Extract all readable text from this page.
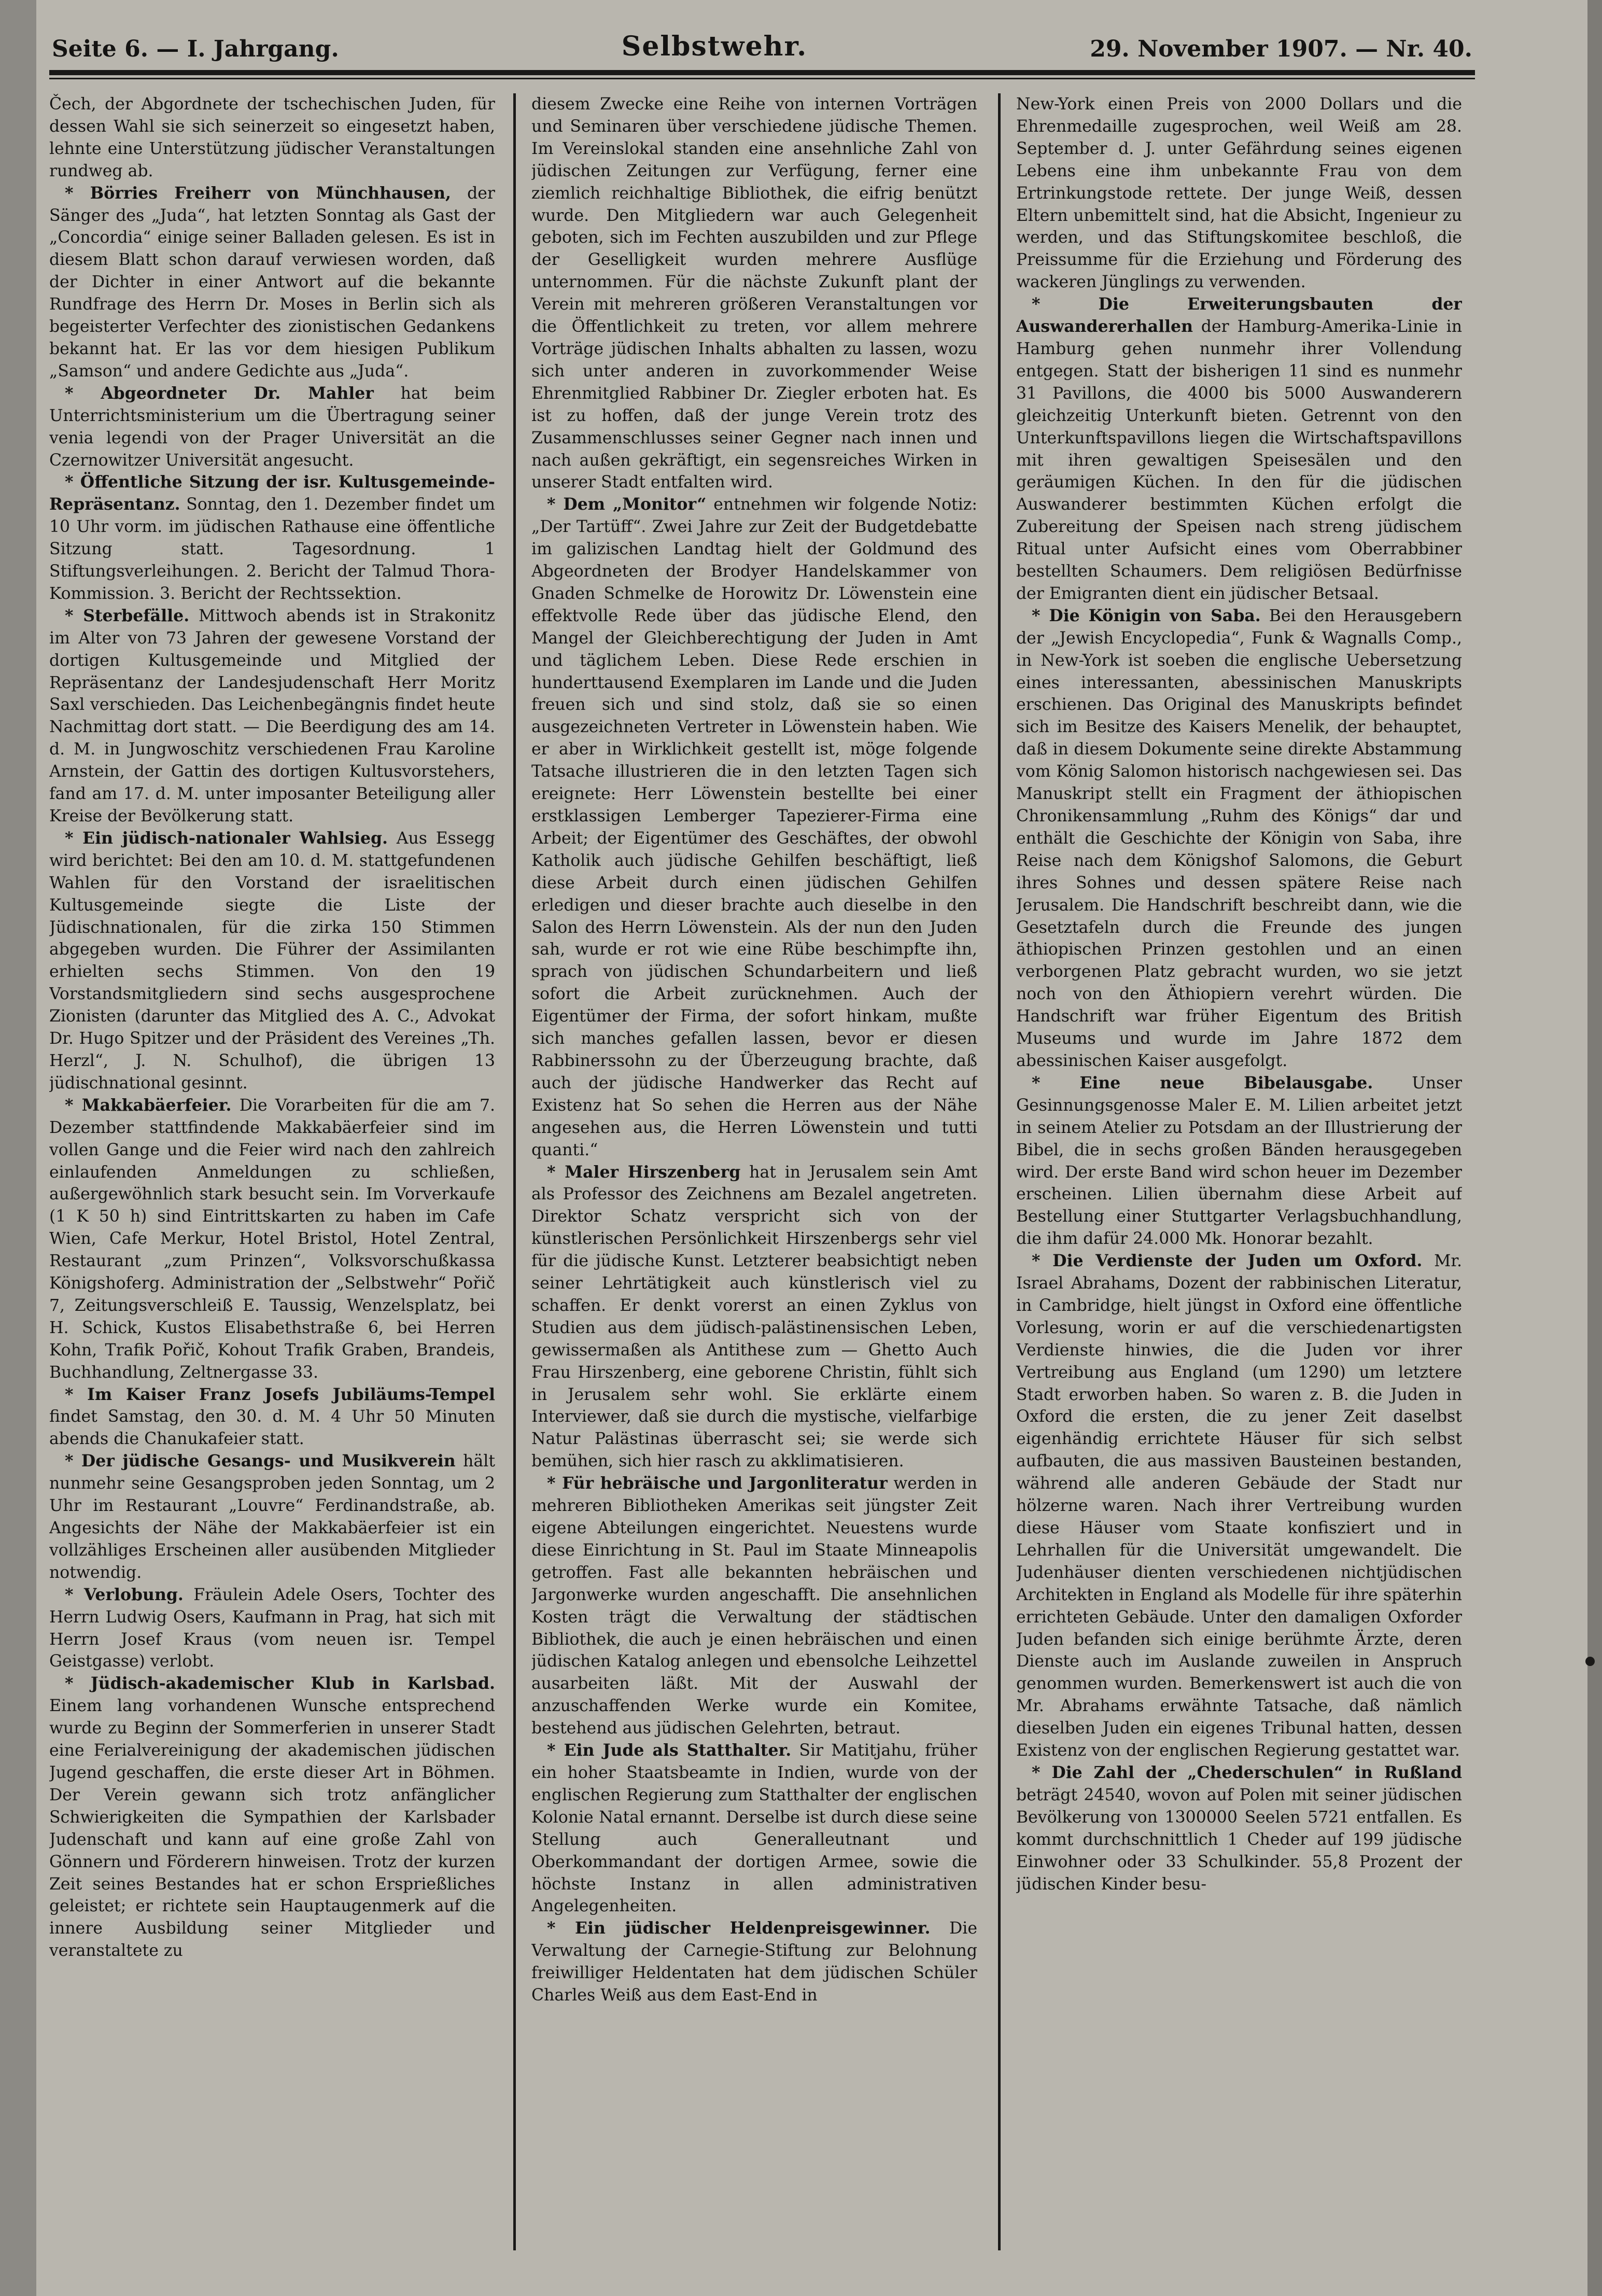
Seite 6. — I. Jahrgang.	Selbstwehr.	29. November 1907. — Nr. 40.

Čech, der Abgordnete der tschechischen Juden, für dessen Wahl sie sich seinerzeit so eingesetzt haben, lehnte eine Unterstützung jüdischer Veranstaltungen rundweg ab.

* Börries Freiherr von Münchhausen, der Sänger des „Juda“, hat letzten Sonntag als Gast der „Concordia“ einige seiner Balladen gelesen. Es ist in diesem Blatt schon darauf verwiesen worden, daß der Dichter in einer Antwort auf die bekannte Rundfrage des Herrn Dr. Moses in Berlin sich als begeisterter Verfechter des zionistischen Gedankens bekannt hat. Er las vor dem hiesigen Publikum „Samson“ und andere Gedichte aus „Juda“.

* Abgeordneter Dr. Mahler hat beim Unterrichtsministerium um die Übertragung seiner venia legendi von der Prager Universität an die Czernowitzer Universität angesucht.

* Öffentliche Sitzung der isr. Kultusgemeinde-Repräsentanz. Sonntag, den 1. Dezember findet um 10 Uhr vorm. im jüdischen Rathause eine öffentliche Sitzung statt. Tagesordnung. 1 Stiftungsverleihungen. 2. Bericht der Talmud Thora-Kommission. 3. Bericht der Rechtssektion.

* Sterbefälle. Mittwoch abends ist in Strakonitz im Alter von 73 Jahren der gewesene Vorstand der dortigen Kultusgemeinde und Mitglied der Repräsentanz der Landesjudenschaft Herr Moritz Saxl verschieden. Das Leichenbegängnis findet heute Nachmittag dort statt. — Die Beerdigung des am 14. d. M. in Jungwoschitz verschiedenen Frau Karoline Arnstein, der Gattin des dortigen Kultusvorstehers, fand am 17. d. M. unter imposanter Beteiligung aller Kreise der Bevölkerung statt.

* Ein jüdisch-nationaler Wahlsieg. Aus Essegg wird berichtet: Bei den am 10. d. M. stattgefundenen Wahlen für den Vorstand der israelitischen Kultusgemeinde siegte die Liste der Jüdischnationalen, für die zirka 150 Stimmen abgegeben wurden. Die Führer der Assimilanten erhielten sechs Stimmen. Von den 19 Vorstandsmitgliedern sind sechs ausgesprochene Zionisten (darunter das Mitglied des A. C., Advokat Dr. Hugo Spitzer und der Präsident des Vereines „Th. Herzl“, J. N. Schulhof), die übrigen 13 jüdischnational gesinnt.

* Makkabäerfeier. Die Vorarbeiten für die am 7. Dezember stattfindende Makkabäerfeier sind im vollen Gange und die Feier wird nach den zahlreich einlaufenden Anmeldungen zu schließen, außergewöhnlich stark besucht sein. Im Vorverkaufe (1 K 50 h) sind Eintrittskarten zu haben im Cafe Wien, Cafe Merkur, Hotel Bristol, Hotel Zentral, Restaurant „zum Prinzen“, Volksvorschußkassa Königshoferg. Administration der „Selbstwehr“ Pořič 7, Zeitungsverschleiß E. Taussig, Wenzelsplatz, bei H. Schick, Kustos Elisabethstraße 6, bei Herren Kohn, Trafik Pořič, Kohout Trafik Graben, Brandeis, Buchhandlung, Zeltnergasse 33.

* Im Kaiser Franz Josefs Jubiläums-Tempel findet Samstag, den 30. d. M. 4 Uhr 50 Minuten abends die Chanukafeier statt.

* Der jüdische Gesangs- und Musikverein hält nunmehr seine Gesangsproben jeden Sonntag, um 2 Uhr im Restaurant „Louvre“ Ferdinandstraße, ab. Angesichts der Nähe der Makkabäerfeier ist ein vollzähliges Erscheinen aller ausübenden Mitglieder notwendig.

* Verlobung. Fräulein Adele Osers, Tochter des Herrn Ludwig Osers, Kaufmann in Prag, hat sich mit Herrn Josef Kraus (vom neuen isr. Tempel Geistgasse) verlobt.

* Jüdisch-akademischer Klub in Karlsbad. Einem lang vorhandenen Wunsche entsprechend wurde zu Beginn der Sommerferien in unserer Stadt eine Ferialvereinigung der akademischen jüdischen Jugend geschaffen, die erste dieser Art in Böhmen. Der Verein gewann sich trotz anfänglicher Schwierigkeiten die Sympathien der Karlsbader Judenschaft und kann auf eine große Zahl von Gönnern und Förderern hinweisen. Trotz der kurzen Zeit seines Bestandes hat er schon Ersprießliches geleistet; er richtete sein Hauptaugenmerk auf die innere Ausbildung seiner Mitglieder und veranstaltete zu

diesem Zwecke eine Reihe von internen Vorträgen und Seminaren über verschiedene jüdische Themen. Im Vereinslokal standen eine ansehnliche Zahl von jüdischen Zeitungen zur Verfügung, ferner eine ziemlich reichhaltige Bibliothek, die eifrig benützt wurde. Den Mitgliedern war auch Gelegenheit geboten, sich im Fechten auszubilden und zur Pflege der Geselligkeit wurden mehrere Ausflüge unternommen. Für die nächste Zukunft plant der Verein mit mehreren größeren Veranstaltungen vor die Öffentlichkeit zu treten, vor allem mehrere Vorträge jüdischen Inhalts abhalten zu lassen, wozu sich unter anderen in zuvorkommender Weise Ehrenmitglied Rabbiner Dr. Ziegler erboten hat. Es ist zu hoffen, daß der junge Verein trotz des Zusammenschlusses seiner Gegner nach innen und nach außen gekräftigt, ein segensreiches Wirken in unserer Stadt entfalten wird.

* Dem „Monitor“ entnehmen wir folgende Notiz: „Der Tartüff“. Zwei Jahre zur Zeit der Budgetdebatte im galizischen Landtag hielt der Goldmund des Abgeordneten der Brodyer Handelskammer von Gnaden Schmelke de Horowitz Dr. Löwenstein eine effektvolle Rede über das jüdische Elend, den Mangel der Gleichberechtigung der Juden in Amt und täglichem Leben. Diese Rede erschien in hunderttausend Exemplaren im Lande und die Juden freuen sich und sind stolz, daß sie so einen ausgezeichneten Vertreter in Löwenstein haben. Wie er aber in Wirklichkeit gestellt ist, möge folgende Tatsache illustrieren die in den letzten Tagen sich ereignete: Herr Löwenstein bestellte bei einer erstklassigen Lemberger Tapezierer-Firma eine Arbeit; der Eigentümer des Geschäftes, der obwohl Katholik auch jüdische Gehilfen beschäftigt, ließ diese Arbeit durch einen jüdischen Gehilfen erledigen und dieser brachte auch dieselbe in den Salon des Herrn Löwenstein. Als der nun den Juden sah, wurde er rot wie eine Rübe beschimpfte ihn, sprach von jüdischen Schundarbeitern und ließ sofort die Arbeit zurücknehmen. Auch der Eigentümer der Firma, der sofort hinkam, mußte sich manches gefallen lassen, bevor er diesen Rabbinerssohn zu der Überzeugung brachte, daß auch der jüdische Handwerker das Recht auf Existenz hat So sehen die Herren aus der Nähe angesehen aus, die Herren Löwenstein und tutti quanti.“

* Maler Hirszenberg hat in Jerusalem sein Amt als Professor des Zeichnens am Bezalel angetreten. Direktor Schatz verspricht sich von der künstlerischen Persönlichkeit Hirszenbergs sehr viel für die jüdische Kunst. Letzterer beabsichtigt neben seiner Lehrtätigkeit auch künstlerisch viel zu schaffen. Er denkt vorerst an einen Zyklus von Studien aus dem jüdisch-palästinensischen Leben, gewissermaßen als Antithese zum — Ghetto Auch Frau Hirszenberg, eine geborene Christin, fühlt sich in Jerusalem sehr wohl. Sie erklärte einem Interviewer, daß sie durch die mystische, vielfarbige Natur Palästinas überrascht sei; sie werde sich bemühen, sich hier rasch zu akklimatisieren.

* Für hebräische und Jargonliteratur werden in mehreren Bibliotheken Amerikas seit jüngster Zeit eigene Abteilungen eingerichtet. Neuestens wurde diese Einrichtung in St. Paul im Staate Minneapolis getroffen. Fast alle bekannten hebräischen und Jargonwerke wurden angeschafft. Die ansehnlichen Kosten trägt die Verwaltung der städtischen Bibliothek, die auch je einen hebräischen und einen jüdischen Katalog anlegen und ebensolche Leihzettel ausarbeiten läßt. Mit der Auswahl der anzuschaffenden Werke wurde ein Komitee, bestehend aus jüdischen Gelehrten, betraut.

* Ein Jude als Statthalter. Sir Matitjahu, früher ein hoher Staatsbeamte in Indien, wurde von der englischen Regierung zum Statthalter der englischen Kolonie Natal ernannt. Derselbe ist durch diese seine Stellung auch Generalleutnant und Oberkommandant der dortigen Armee, sowie die höchste Instanz in allen administrativen Angelegenheiten.

* Ein jüdischer Heldenpreisgewinner. Die Verwaltung der Carnegie-Stiftung zur Belohnung freiwilliger Heldentaten hat dem jüdischen Schüler Charles Weiß aus dem East-End in

New-York einen Preis von 2000 Dollars und die Ehrenmedaille zugesprochen, weil Weiß am 28. September d. J. unter Gefährdung seines eigenen Lebens eine ihm unbekannte Frau von dem Ertrinkungstode rettete. Der junge Weiß, dessen Eltern unbemittelt sind, hat die Absicht, Ingenieur zu werden, und das Stiftungskomitee beschloß, die Preissumme für die Erziehung und Förderung des wackeren Jünglings zu verwenden.

* Die Erweiterungsbauten der Auswandererhallen der Hamburg-Amerika-Linie in Hamburg gehen nunmehr ihrer Vollendung entgegen. Statt der bisherigen 11 sind es nunmehr 31 Pavillons, die 4000 bis 5000 Auswanderern gleichzeitig Unterkunft bieten. Getrennt von den Unterkunftspavillons liegen die Wirtschaftspavillons mit ihren gewaltigen Speisesälen und den geräumigen Küchen. In den für die jüdischen Auswanderer bestimmten Küchen erfolgt die Zubereitung der Speisen nach streng jüdischem Ritual unter Aufsicht eines vom Oberrabbiner bestellten Schaumers. Dem religiösen Bedürfnisse der Emigranten dient ein jüdischer Betsaal.

* Die Königin von Saba. Bei den Herausgebern der „Jewish Encyclopedia“, Funk & Wagnalls Comp., in New-York ist soeben die englische Uebersetzung eines interessanten, abessinischen Manuskripts erschienen. Das Original des Manuskripts befindet sich im Besitze des Kaisers Menelik, der behauptet, daß in diesem Dokumente seine direkte Abstammung vom König Salomon historisch nachgewiesen sei. Das Manuskript stellt ein Fragment der äthiopischen Chronikensammlung „Ruhm des Königs“ dar und enthält die Geschichte der Königin von Saba, ihre Reise nach dem Königshof Salomons, die Geburt ihres Sohnes und dessen spätere Reise nach Jerusalem. Die Handschrift beschreibt dann, wie die Gesetztafeln durch die Freunde des jungen äthiopischen Prinzen gestohlen und an einen verborgenen Platz gebracht wurden, wo sie jetzt noch von den Äthiopiern verehrt würden. Die Handschrift war früher Eigentum des British Museums und wurde im Jahre 1872 dem abessinischen Kaiser ausgefolgt.

* Eine neue Bibelausgabe. Unser Gesinnungsgenosse Maler E. M. Lilien arbeitet jetzt in seinem Atelier zu Potsdam an der Illustrierung der Bibel, die in sechs großen Bänden herausgegeben wird. Der erste Band wird schon heuer im Dezember erscheinen. Lilien übernahm diese Arbeit auf Bestellung einer Stuttgarter Verlagsbuchhandlung, die ihm dafür 24.000 Mk. Honorar bezahlt.

* Die Verdienste der Juden um Oxford. Mr. Israel Abrahams, Dozent der rabbinischen Literatur, in Cambridge, hielt jüngst in Oxford eine öffentliche Vorlesung, worin er auf die verschiedenartigsten Verdienste hinwies, die die Juden vor ihrer Vertreibung aus England (um 1290) um letztere Stadt erworben haben. So waren z. B. die Juden in Oxford die ersten, die zu jener Zeit daselbst eigenhändig errichtete Häuser für sich selbst aufbauten, die aus massiven Bausteinen bestanden, während alle anderen Gebäude der Stadt nur hölzerne waren. Nach ihrer Vertreibung wurden diese Häuser vom Staate konfisziert und in Lehrhallen für die Universität umgewandelt. Die Judenhäuser dienten verschiedenen nichtjüdischen Architekten in England als Modelle für ihre späterhin errichteten Gebäude. Unter den damaligen Oxforder Juden befanden sich einige berühmte Ärzte, deren Dienste auch im Auslande zuweilen in Anspruch genommen wurden. Bemerkenswert ist auch die von Mr. Abrahams erwähnte Tatsache, daß nämlich dieselben Juden ein eigenes Tribunal hatten, dessen Existenz von der englischen Regierung gestattet war.

* Die Zahl der „Chederschulen“ in Rußland beträgt 24540, wovon auf Polen mit seiner jüdischen Bevölkerung von 1300000 Seelen 5721 entfallen. Es kommt durchschnittlich 1 Cheder auf 199 jüdische Einwohner oder 33 Schulkinder. 55,8 Prozent der jüdischen Kinder besu-
